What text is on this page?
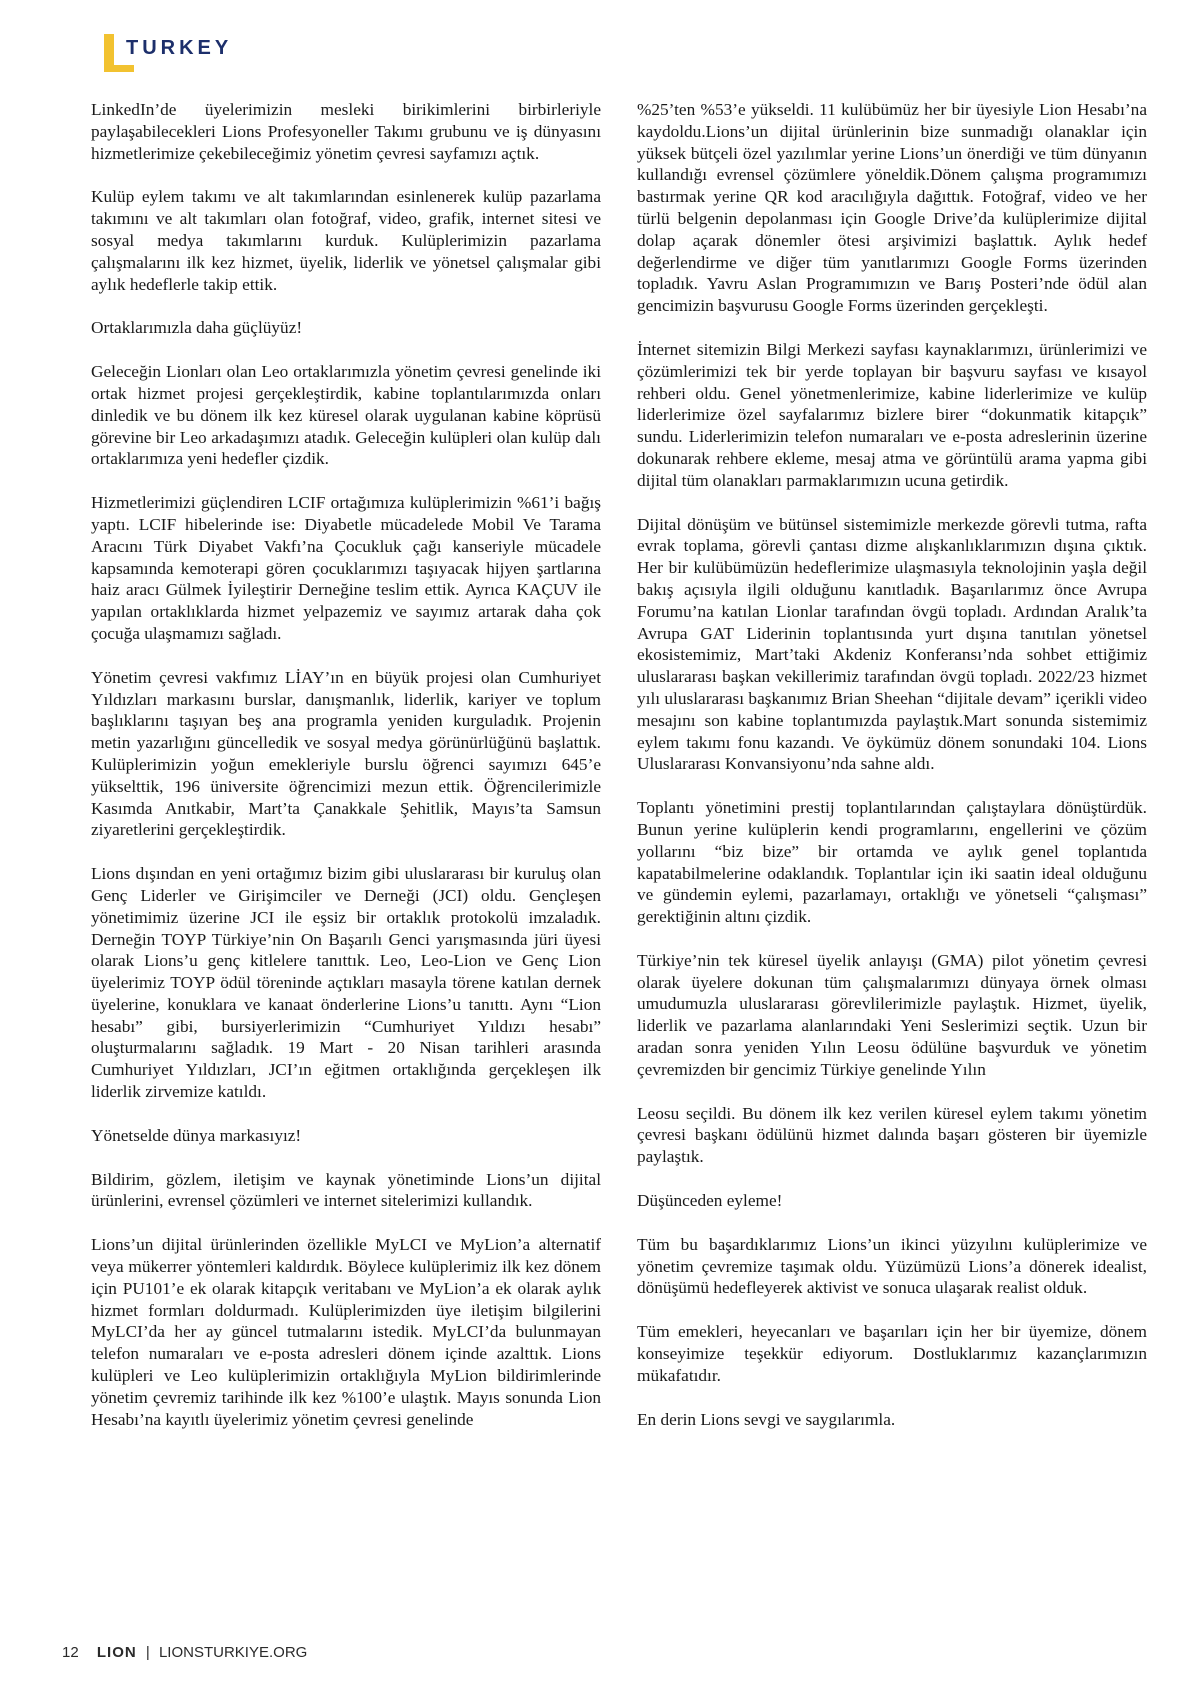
TURKEY

LinkedIn’de üyelerimizin mesleki birikimlerini birbirleriyle paylaşabilecekleri Lions Profesyoneller Takımı grubunu ve iş dünyasını hizmetlerimize çekebileceğimiz yönetim çevresi sayfamızı açtık.

Kulüp eylem takımı ve alt takımlarından esinlenerek kulüp pazarlama takımını ve alt takımları olan fotoğraf, video, grafik, internet sitesi ve sosyal medya takımlarını kurduk. Kulüplerimizin pazarlama çalışmalarını ilk kez hizmet, üyelik, liderlik ve yönetsel çalışmalar gibi aylık hedeflerle takip ettik.

Ortaklarımızla daha güçlüyüz!

Geleceğin Lionları olan Leo ortaklarımızla yönetim çevresi genelinde iki ortak hizmet projesi gerçekleştirdik, kabine toplantılarımızda onları dinledik ve bu dönem ilk kez küresel olarak uygulanan kabine köprüsü görevine bir Leo arkadaşımızı atadık. Geleceğin kulüpleri olan kulüp dalı ortaklarımıza yeni hedefler çizdik.

Hizmetlerimizi güçlendiren LCIF ortağımıza kulüplerimizin %61’i bağış yaptı. LCIF hibelerinde ise: Diyabetle mücadelede Mobil Ve Tarama Aracını Türk Diyabet Vakfı’na Çocukluk çağı kanseriyle mücadele kapsamında kemoterapi gören çocuklarımızı taşıyacak hijyen şartlarına haiz aracı Gülmek İyileştirir Derneğine teslim ettik. Ayrıca KAÇUV ile yapılan ortaklıklarda hizmet yelpazemiz ve sayımız artarak daha çok çocuğa ulaşmamızı sağladı.

Yönetim çevresi vakfımız LİAY’ın en büyük projesi olan Cumhuriyet Yıldızları markasını burslar, danışmanlık, liderlik, kariyer ve toplum başlıklarını taşıyan beş ana programla yeniden kurguladık. Projenin metin yazarlığını güncelledik ve sosyal medya görünürlüğünü başlattık. Kulüplerimizin yoğun emekleriyle burslu öğrenci sayımızı 645’e yükselttik, 196 üniversite öğrencimizi mezun ettik. Öğrencilerimizle Kasımda Anıtkabir, Mart’ta Çanakkale Şehitlik, Mayıs’ta Samsun ziyaretlerini gerçekleştirdik.

Lions dışından en yeni ortağımız bizim gibi uluslararası bir kuruluş olan Genç Liderler ve Girişimciler ve Derneği (JCI) oldu. Gençleşen yönetimimiz üzerine JCI ile eşsiz bir ortaklık protokolü imzaladık. Derneğin TOYP Türkiye’nin On Başarılı Genci yarışmasında jüri üyesi olarak Lions’u genç kitlelere tanıttık. Leo, Leo-Lion ve Genç Lion üyelerimiz TOYP ödül töreninde açtıkları masayla törene katılan dernek üyelerine, konuklara ve kanaat önderlerine Lions’u tanıttı. Aynı “Lion hesabı” gibi, bursiyerlerimizin “Cumhuriyet Yıldızı hesabı” oluşturmalarını sağladık. 19 Mart - 20 Nisan tarihleri arasında Cumhuriyet Yıldızları, JCI’ın eğitmen ortaklığında gerçekleşen ilk liderlik zirvemize katıldı.

Yönetselde dünya markasıyız!

Bildirim, gözlem, iletişim ve kaynak yönetiminde Lions’un dijital ürünlerini, evrensel çözümleri ve internet sitelerimizi kullandık.

Lions’un dijital ürünlerinden özellikle MyLCI ve MyLion’a alternatif veya mükerrer yöntemleri kaldırdık. Böylece kulüplerimiz ilk kez dönem için PU101’e ek olarak kitapçık veritabanı ve MyLion’a ek olarak aylık hizmet formları doldurmadı. Kulüplerimizden üye iletişim bilgilerini MyLCI’da her ay güncel tutmalarını istedik. MyLCI’da bulunmayan telefon numaraları ve e-posta adresleri dönem içinde azalttık. Lions kulüpleri ve Leo kulüplerimizin ortaklığıyla MyLion bildirimlerinde yönetim çevremiz tarihinde ilk kez %100’e ulaştık. Mayıs sonunda Lion Hesabı’na kayıtlı üyelerimiz yönetim çevresi genelinde

%25’ten %53’e yükseldi. 11 kulübümüz her bir üyesiyle Lion Hesabı’na kaydoldu.Lions’un dijital ürünlerinin bize sunmadığı olanaklar için yüksek bütçeli özel yazılımlar yerine Lions’un önerdiği ve tüm dünyanın kullandığı evrensel çözümlere yöneldik.Dönem çalışma programımızı bastırmak yerine QR kod aracılığıyla dağıttık. Fotoğraf, video ve her türlü belgenin depolanması için Google Drive’da kulüplerimize dijital dolap açarak dönemler ötesi arşivimizi başlattık. Aylık hedef değerlendirme ve diğer tüm yanıtlarımızı Google Forms üzerinden topladık. Yavru Aslan Programımızın ve Barış Posteri’nde ödül alan gencimizin başvurusu Google Forms üzerinden gerçekleşti.

İnternet sitemizin Bilgi Merkezi sayfası kaynaklarımızı, ürünlerimizi ve çözümlerimizi tek bir yerde toplayan bir başvuru sayfası ve kısayol rehberi oldu. Genel yönetmenlerimize, kabine liderlerimize ve kulüp liderlerimize özel sayfalarımız bizlere birer “dokunmatik kitapçık” sundu. Liderlerimizin telefon numaraları ve e-posta adreslerinin üzerine dokunarak rehbere ekleme, mesaj atma ve görüntülü arama yapma gibi dijital tüm olanakları parmaklarımızın ucuna getirdik.

Dijital dönüşüm ve bütünsel sistemimizle merkezde görevli tutma, rafta evrak toplama, görevli çantası dizme alışkanlıklarımızın dışına çıktık. Her bir kulübümüzün hedeflerimize ulaşmasıyla teknolojinin yaşla değil bakış açısıyla ilgili olduğunu kanıtladık. Başarılarımız önce Avrupa Forumu’na katılan Lionlar tarafından övgü topladı. Ardından Aralık’ta Avrupa GAT Liderinin toplantısında yurt dışına tanıtılan yönetsel ekosistemimiz, Mart’taki Akdeniz Konferansı’nda sohbet ettiğimiz uluslararası başkan vekillerimiz tarafından övgü topladı. 2022/23 hizmet yılı uluslararası başkanımız Brian Sheehan “dijitale devam” içerikli video mesajını son kabine toplantımızda paylaştık.Mart sonunda sistemimiz eylem takımı fonu kazandı. Ve öykümüz dönem sonundaki 104. Lions Uluslararası Konvansiyonu’nda sahne aldı.

Toplantı yönetimini prestij toplantılarından çalıştaylara dönüştürdük. Bunun yerine kulüplerin kendi programlarını, engellerini ve çözüm yollarını “biz bize” bir ortamda ve aylık genel toplantıda kapatabilmelerine odaklandık. Toplantılar için iki saatin ideal olduğunu ve gündemin eylemi, pazarlamayı, ortaklığı ve yönetseli “çalışması” gerektiğinin altını çizdik.

Türkiye’nin tek küresel üyelik anlayışı (GMA) pilot yönetim çevresi olarak üyelere dokunan tüm çalışmalarımızı dünyaya örnek olması umudumuzla uluslararası görevlilerimizle paylaştık. Hizmet, üyelik, liderlik ve pazarlama alanlarındaki Yeni Seslerimizi seçtik. Uzun bir aradan sonra yeniden Yılın Leosu ödülüne başvurduk ve yönetim çevremizden bir gencimiz Türkiye genelinde Yılın

Leosu seçildi. Bu dönem ilk kez verilen küresel eylem takımı yönetim çevresi başkanı ödülünü hizmet dalında başarı gösteren bir üyemizle paylaştık.

Düşünceden eyleme!

Tüm bu başardıklarımız Lions’un ikinci yüzyılını kulüplerimize ve yönetim çevremize taşımak oldu. Yüzümüzü Lions’a dönerek idealist, dönüşümü hedefleyerek aktivist ve sonuca ulaşarak realist olduk.

Tüm emekleri, heyecanları ve başarıları için her bir üyemize, dönem konseyimize teşekkür ediyorum. Dostluklarımız kazançlarımızın mükafatıdır.

En derin Lions sevgi ve saygılarımla.

12 LION | LIONSTURKIYE.ORG
